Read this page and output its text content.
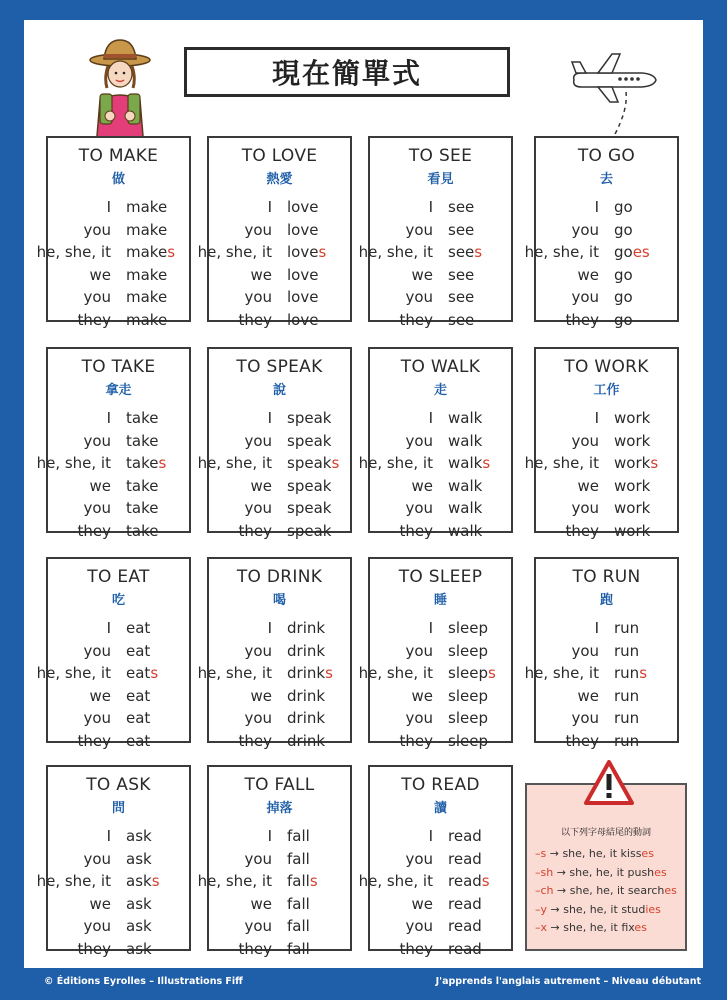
現在簡單式
TO MAKE
做
I make
you make
he, she, it makes
we make
you make
they make
TO LOVE
熱愛
I love
you love
he, she, it loves
we love
you love
they love
TO SEE
看見
I see
you see
he, she, it sees
we see
you see
they see
TO GO
去
I go
you go
he, she, it goes
we go
you go
they go
TO TAKE
拿走
I take
you take
he, she, it takes
we take
you take
they take
TO SPEAK
說
I speak
you speak
he, she, it speaks
we speak
you speak
they speak
TO WALK
走
I walk
you walk
he, she, it walks
we walk
you walk
they walk
TO WORK
工作
I work
you work
he, she, it works
we work
you work
they work
TO EAT
吃
I eat
you eat
he, she, it eats
we eat
you eat
they eat
TO DRINK
喝
I drink
you drink
he, she, it drinks
we drink
you drink
they drink
TO SLEEP
睡
I sleep
you sleep
he, she, it sleeps
we sleep
you sleep
they sleep
TO RUN
跑
I run
you run
he, she, it runs
we run
you run
they run
TO ASK
問
I ask
you ask
he, she, it asks
we ask
you ask
they ask
TO FALL
掉落
I fall
you fall
he, she, it falls
we fall
you fall
they fall
TO READ
讀
I read
you read
he, she, it reads
we read
you read
they read
以下列字母結尾的動詞
–s → she, he, it kisses
–sh → she, he, it pushes
–ch → she, he, it searches
–y → she, he, it studies
–x → she, he, it fixes
© Éditions Eyrolles – Illustrations Fiff	J'apprends l'anglais autrement – Niveau débutant
